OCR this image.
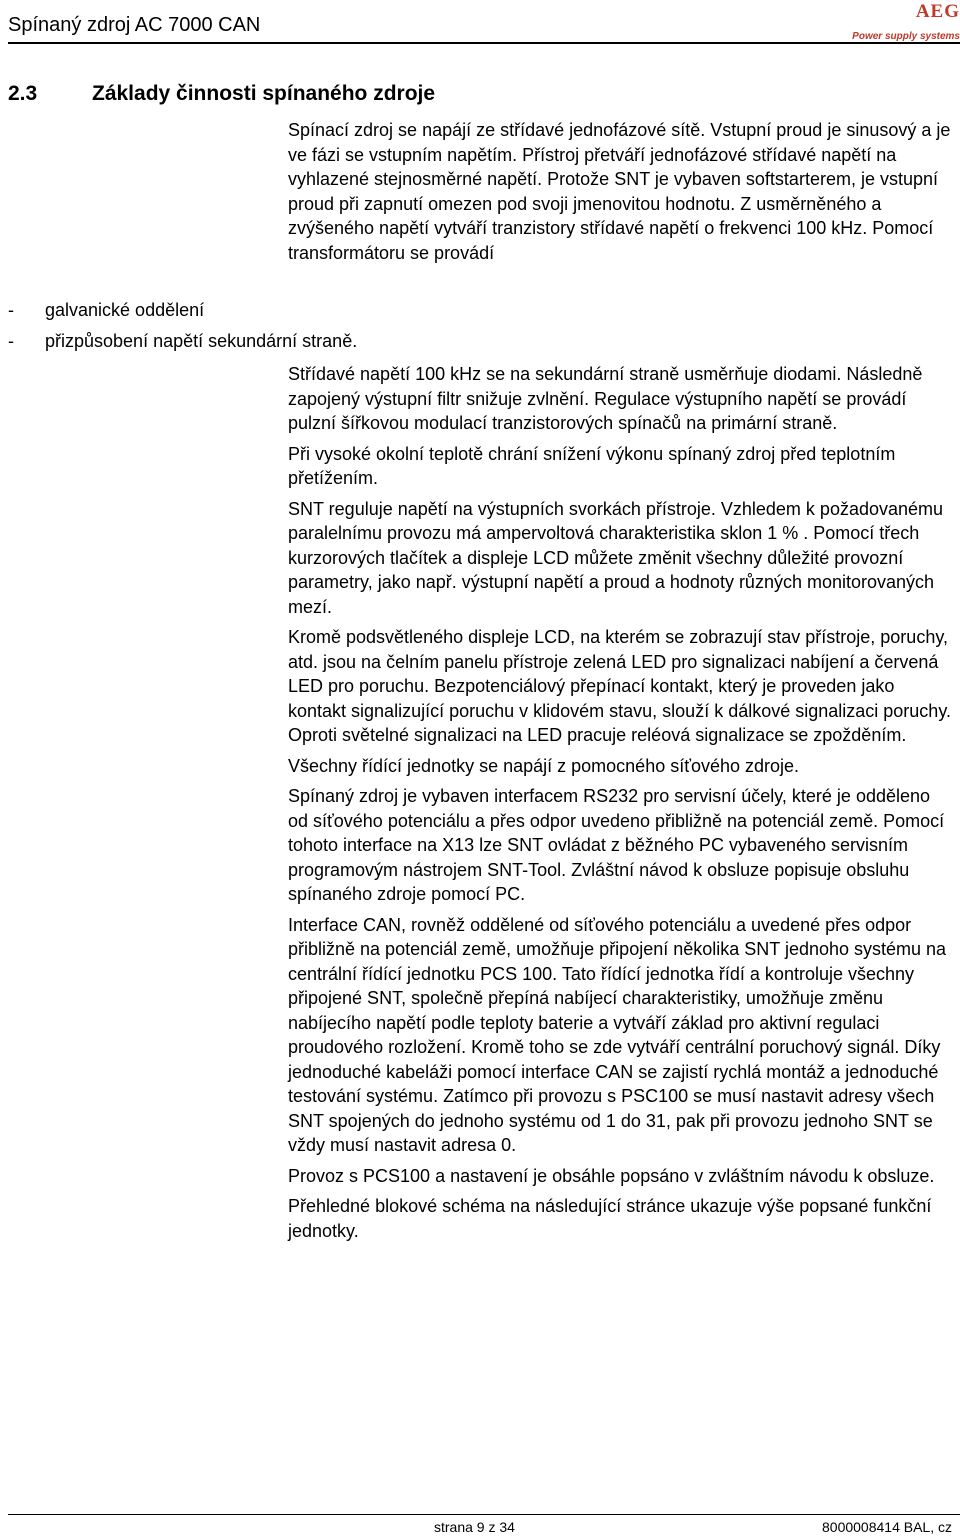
Spínaný zdroj AC 7000 CAN
AEG
Power supply systems
2.3	Základy činnosti spínaného zdroje

Spínací zdroj se napájí ze střídavé jednofázové sítě. Vstupní proud je sinusový a je ve fázi se vstupním napětím. Přístroj přetváří jednofázové střídavé napětí na vyhlazené stejnosměrné napětí. Protože SNT je vybaven softstarterem, je vstupní proud při zapnutí omezen pod svoji jmenovitou hodnotu. Z usměrněného a zvýšeného napětí vytváří tranzistory střídavé napětí o frekvenci 100 kHz. Pomocí transformátoru se provádí

- galvanické oddělení
- přizpůsobení napětí sekundární straně.

Střídavé napětí 100 kHz se na sekundární straně usměrňuje diodami. Následně zapojený výstupní filtr snižuje zvlnění. Regulace výstupního napětí se provádí pulzní šířkovou modulací tranzistorových spínačů na primární straně.

Při vysoké okolní teplotě chrání snížení výkonu spínaný zdroj před teplotním přetížením.

SNT reguluje napětí na výstupních svorkách přístroje. Vzhledem k požadovanému paralelnímu provozu má ampervoltová charakteristika sklon 1 % . Pomocí třech kurzorových tlačítek a displeje LCD můžete změnit všechny důležité provozní parametry, jako např. výstupní napětí a proud a hodnoty různých monitorovaných mezí.

Kromě podsvětleného displeje LCD, na kterém se zobrazují stav přístroje, poruchy, atd. jsou na čelním panelu přístroje zelená LED pro signalizaci nabíjení a červená LED pro poruchu. Bezpotenciálový přepínací kontakt, který je proveden jako kontakt signalizující poruchu v klidovém stavu, slouží k dálkové signalizaci poruchy. Oproti světelné signalizaci na LED pracuje reléová signalizace se zpožděním.

Všechny řídící jednotky se napájí z pomocného síťového zdroje.

Spínaný zdroj je vybaven interfacem RS232 pro servisní účely, které je odděleno od síťového potenciálu a přes odpor uvedeno přibližně na potenciál země. Pomocí tohoto interface na X13 lze SNT ovládat z běžného PC vybaveného servisním programovým nástrojem SNT-Tool. Zvláštní návod k obsluze popisuje obsluhu spínaného zdroje pomocí PC.

Interface CAN, rovněž oddělené od síťového potenciálu a uvedené přes odpor přibližně na potenciál země, umožňuje připojení několika SNT jednoho systému na centrální řídící jednotku PCS 100. Tato řídící jednotka řídí a kontroluje všechny připojené SNT, společně přepíná nabíjecí charakteristiky, umožňuje změnu nabíjecího napětí podle teploty baterie a vytváří základ pro aktivní regulaci proudového rozložení. Kromě toho se zde vytváří centrální poruchový signál. Díky jednoduché kabeláži pomocí interface CAN se zajistí rychlá montáž a jednoduché testování systému. Zatímco při provozu s PSC100 se musí nastavit adresy všech SNT spojených do jednoho systému od 1 do 31, pak při provozu jednoho SNT se vždy musí nastavit adresa 0.

Provoz s PCS100 a nastavení je obsáhle popsáno v zvláštním návodu k obsluze.

Přehledné blokové schéma na následující stránce ukazuje výše popsané funkční jednotky.

strana 9 z 34	8000008414 BAL, cz
